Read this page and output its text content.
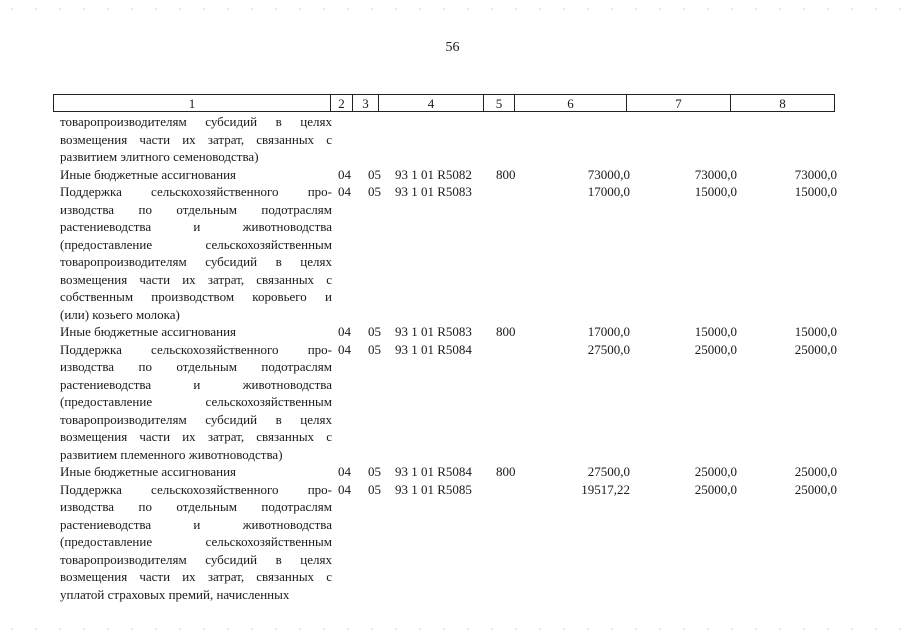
56
1	2	3	4	5	6	7	8
товаропроизводителям субсидий в целях
возмещения части их затрат, связанных с
развитием элитного семеноводства)
Иные бюджетные ассигнования	04 05 93 1 01 R5082 800	73000,0	73000,0	73000,0
Поддержка сельскохозяйственного про-
изводства по отдельным подотраслям
растениеводства и животноводства
(предоставление сельскохозяйственным
товаропроизводителям субсидий в целях
возмещения части их затрат, связанных с
собственным производством коровьего и
(или) козьего молока)
04 05 93 1 01 R5083	17000,0	15000,0	15000,0
Иные бюджетные ассигнования	04 05 93 1 01 R5083 800	17000,0	15000,0	15000,0
Поддержка сельскохозяйственного про-
изводства по отдельным подотраслям
растениеводства и животноводства
(предоставление сельскохозяйственным
товаропроизводителям субсидий в целях
возмещения части их затрат, связанных с
развитием племенного животноводства)
04 05 93 1 01 R5084	27500,0	25000,0	25000,0
Иные бюджетные ассигнования	04 05 93 1 01 R5084 800	27500,0	25000,0	25000,0
Поддержка сельскохозяйственного про-
изводства по отдельным подотраслям
растениеводства и животноводства
(предоставление сельскохозяйственным
товаропроизводителям субсидий в целях
возмещения части их затрат, связанных с
уплатой страховых премий, начисленных
04 05 93 1 01 R5085	19517,22	25000,0	25000,0
